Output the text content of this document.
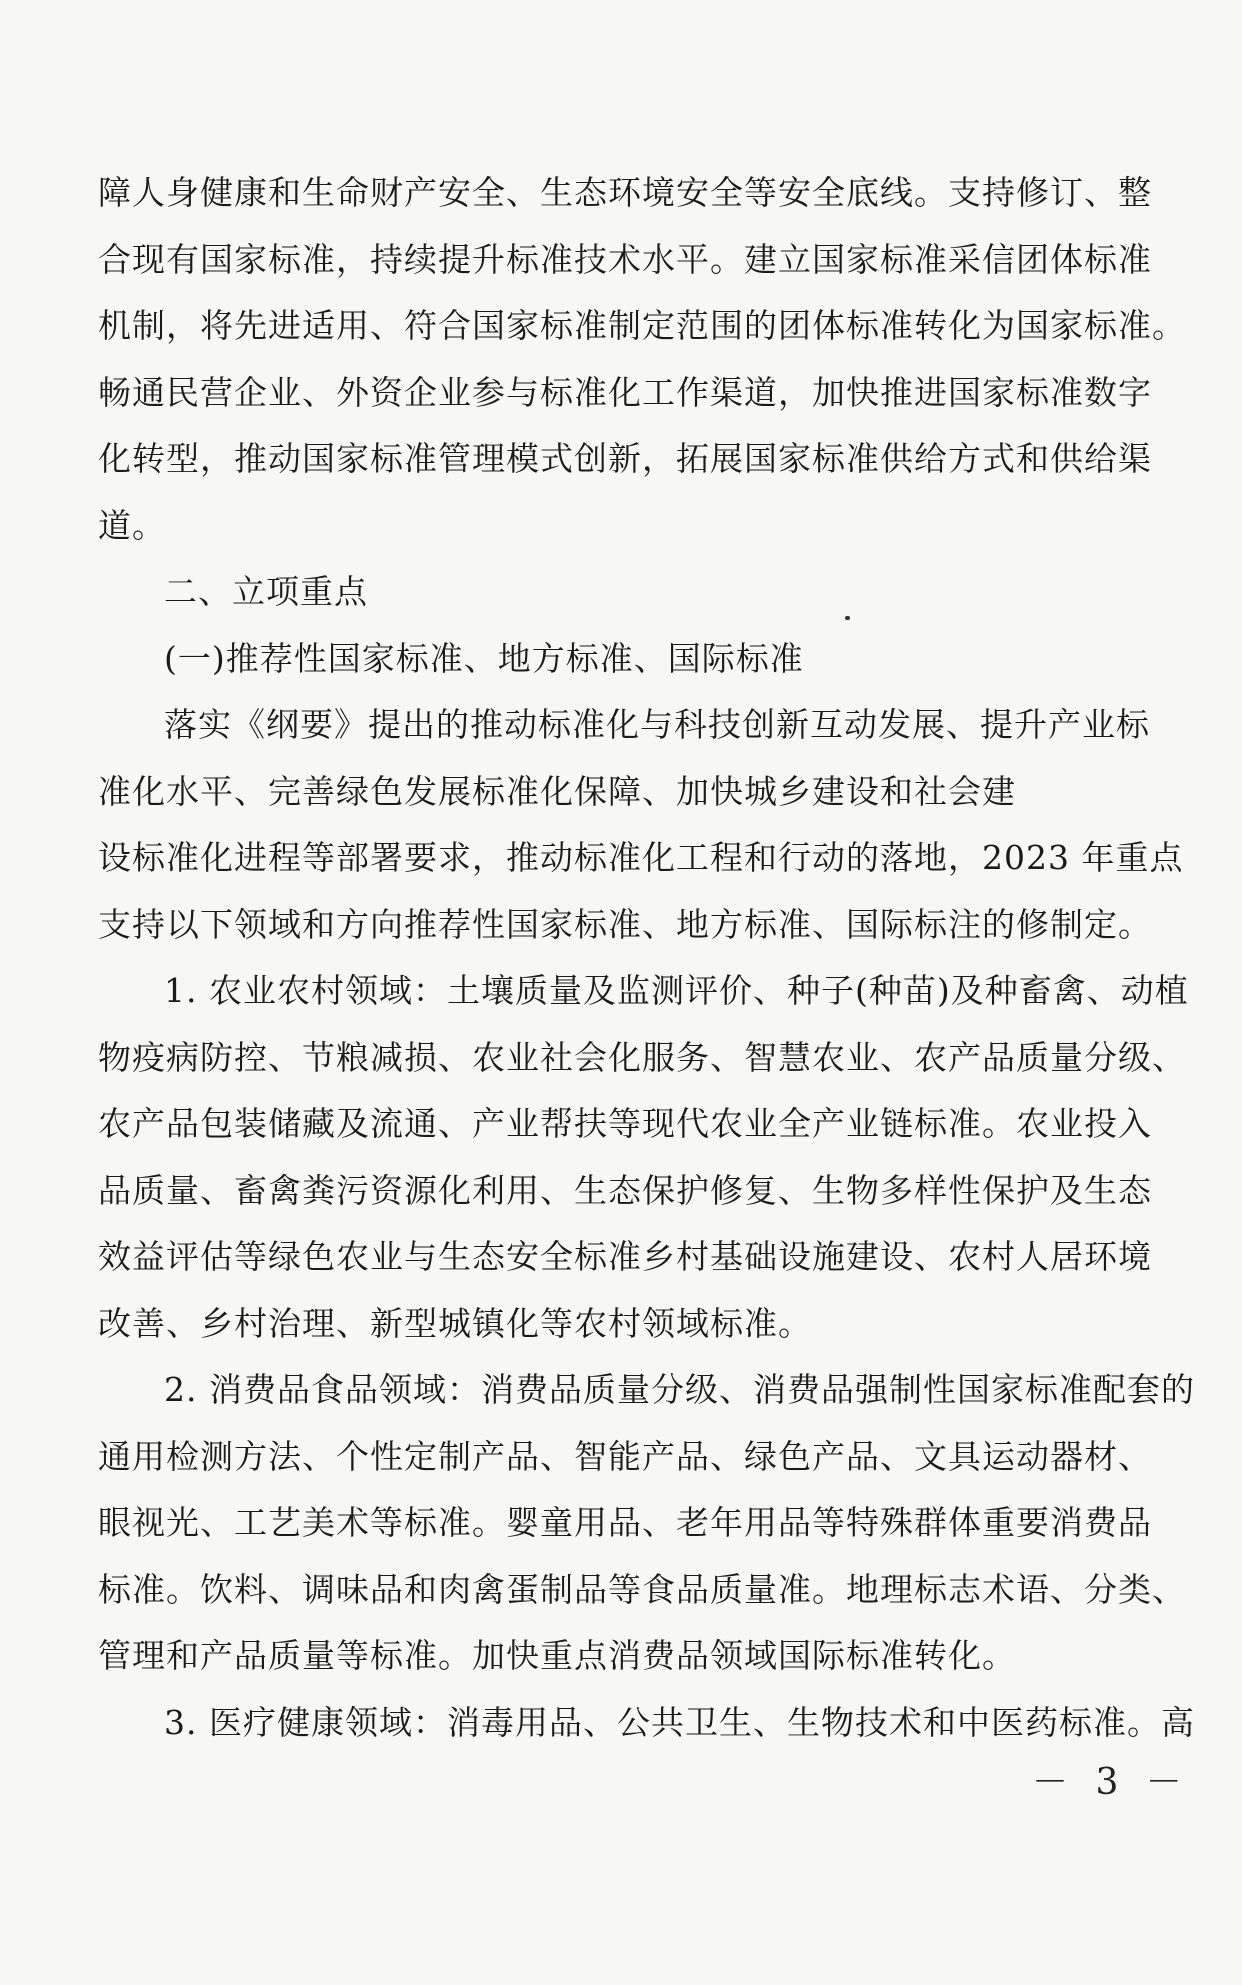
障人身健康和生命财产安全、生态环境安全等安全底线。支持修订、整
合现有国家标准，持续提升标准技术水平。建立国家标准采信团体标准
机制，将先进适用、符合国家标准制定范围的团体标准转化为国家标准。
畅通民营企业、外资企业参与标准化工作渠道，加快推进国家标准数字
化转型，推动国家标准管理模式创新，拓展国家标准供给方式和供给渠
道。
二、立项重点
(一)推荐性国家标准、地方标准、国际标准
落实《纲要》提出的推动标准化与科技创新互动发展、提升产业标
准化水平、完善绿色发展标准化保障、加快城乡建设和社会建
设标准化进程等部署要求，推动标准化工程和行动的落地，2023 年重点
支持以下领域和方向推荐性国家标准、地方标准、国际标注的修制定。
1. 农业农村领域：土壤质量及监测评价、种子(种苗)及种畜禽、动植
物疫病防控、节粮减损、农业社会化服务、智慧农业、农产品质量分级、
农产品包装储藏及流通、产业帮扶等现代农业全产业链标准。农业投入
品质量、畜禽粪污资源化利用、生态保护修复、生物多样性保护及生态
效益评估等绿色农业与生态安全标准乡村基础设施建设、农村人居环境
改善、乡村治理、新型城镇化等农村领域标准。
2. 消费品食品领域：消费品质量分级、消费品强制性国家标准配套的
通用检测方法、个性定制产品、智能产品、绿色产品、文具运动器材、
眼视光、工艺美术等标准。婴童用品、老年用品等特殊群体重要消费品
标准。饮料、调味品和肉禽蛋制品等食品质量准。地理标志术语、分类、
管理和产品质量等标准。加快重点消费品领域国际标准转化。
3. 医疗健康领域：消毒用品、公共卫生、生物技术和中医药标准。高
－ 3 －
